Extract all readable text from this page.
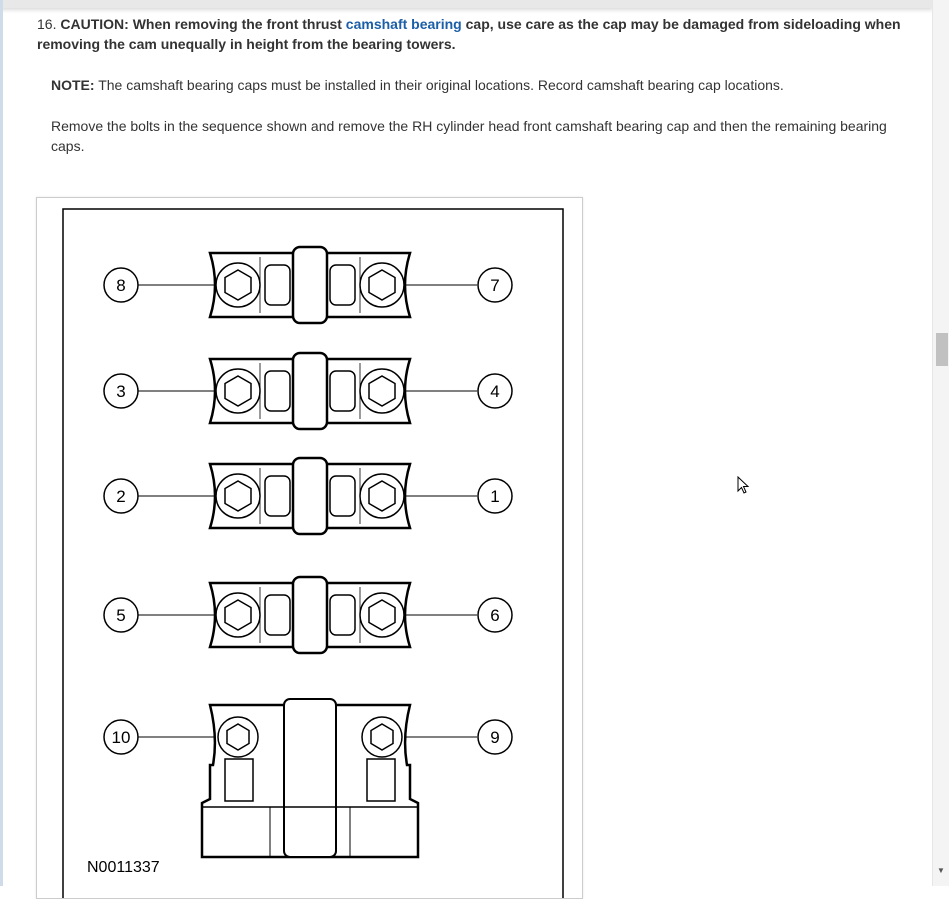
16. CAUTION: When removing the front thrust camshaft bearing cap, use care as the cap may be damaged from sideloading when removing the cam unequally in height from the bearing towers.

NOTE: The camshaft bearing caps must be installed in their original locations. Record camshaft bearing cap locations.

Remove the bolts in the sequence shown and remove the RH cylinder head front camshaft bearing cap and then the remaining bearing caps.

8	7
3	4
2	1
5	6
10	9
N0011337	▼
